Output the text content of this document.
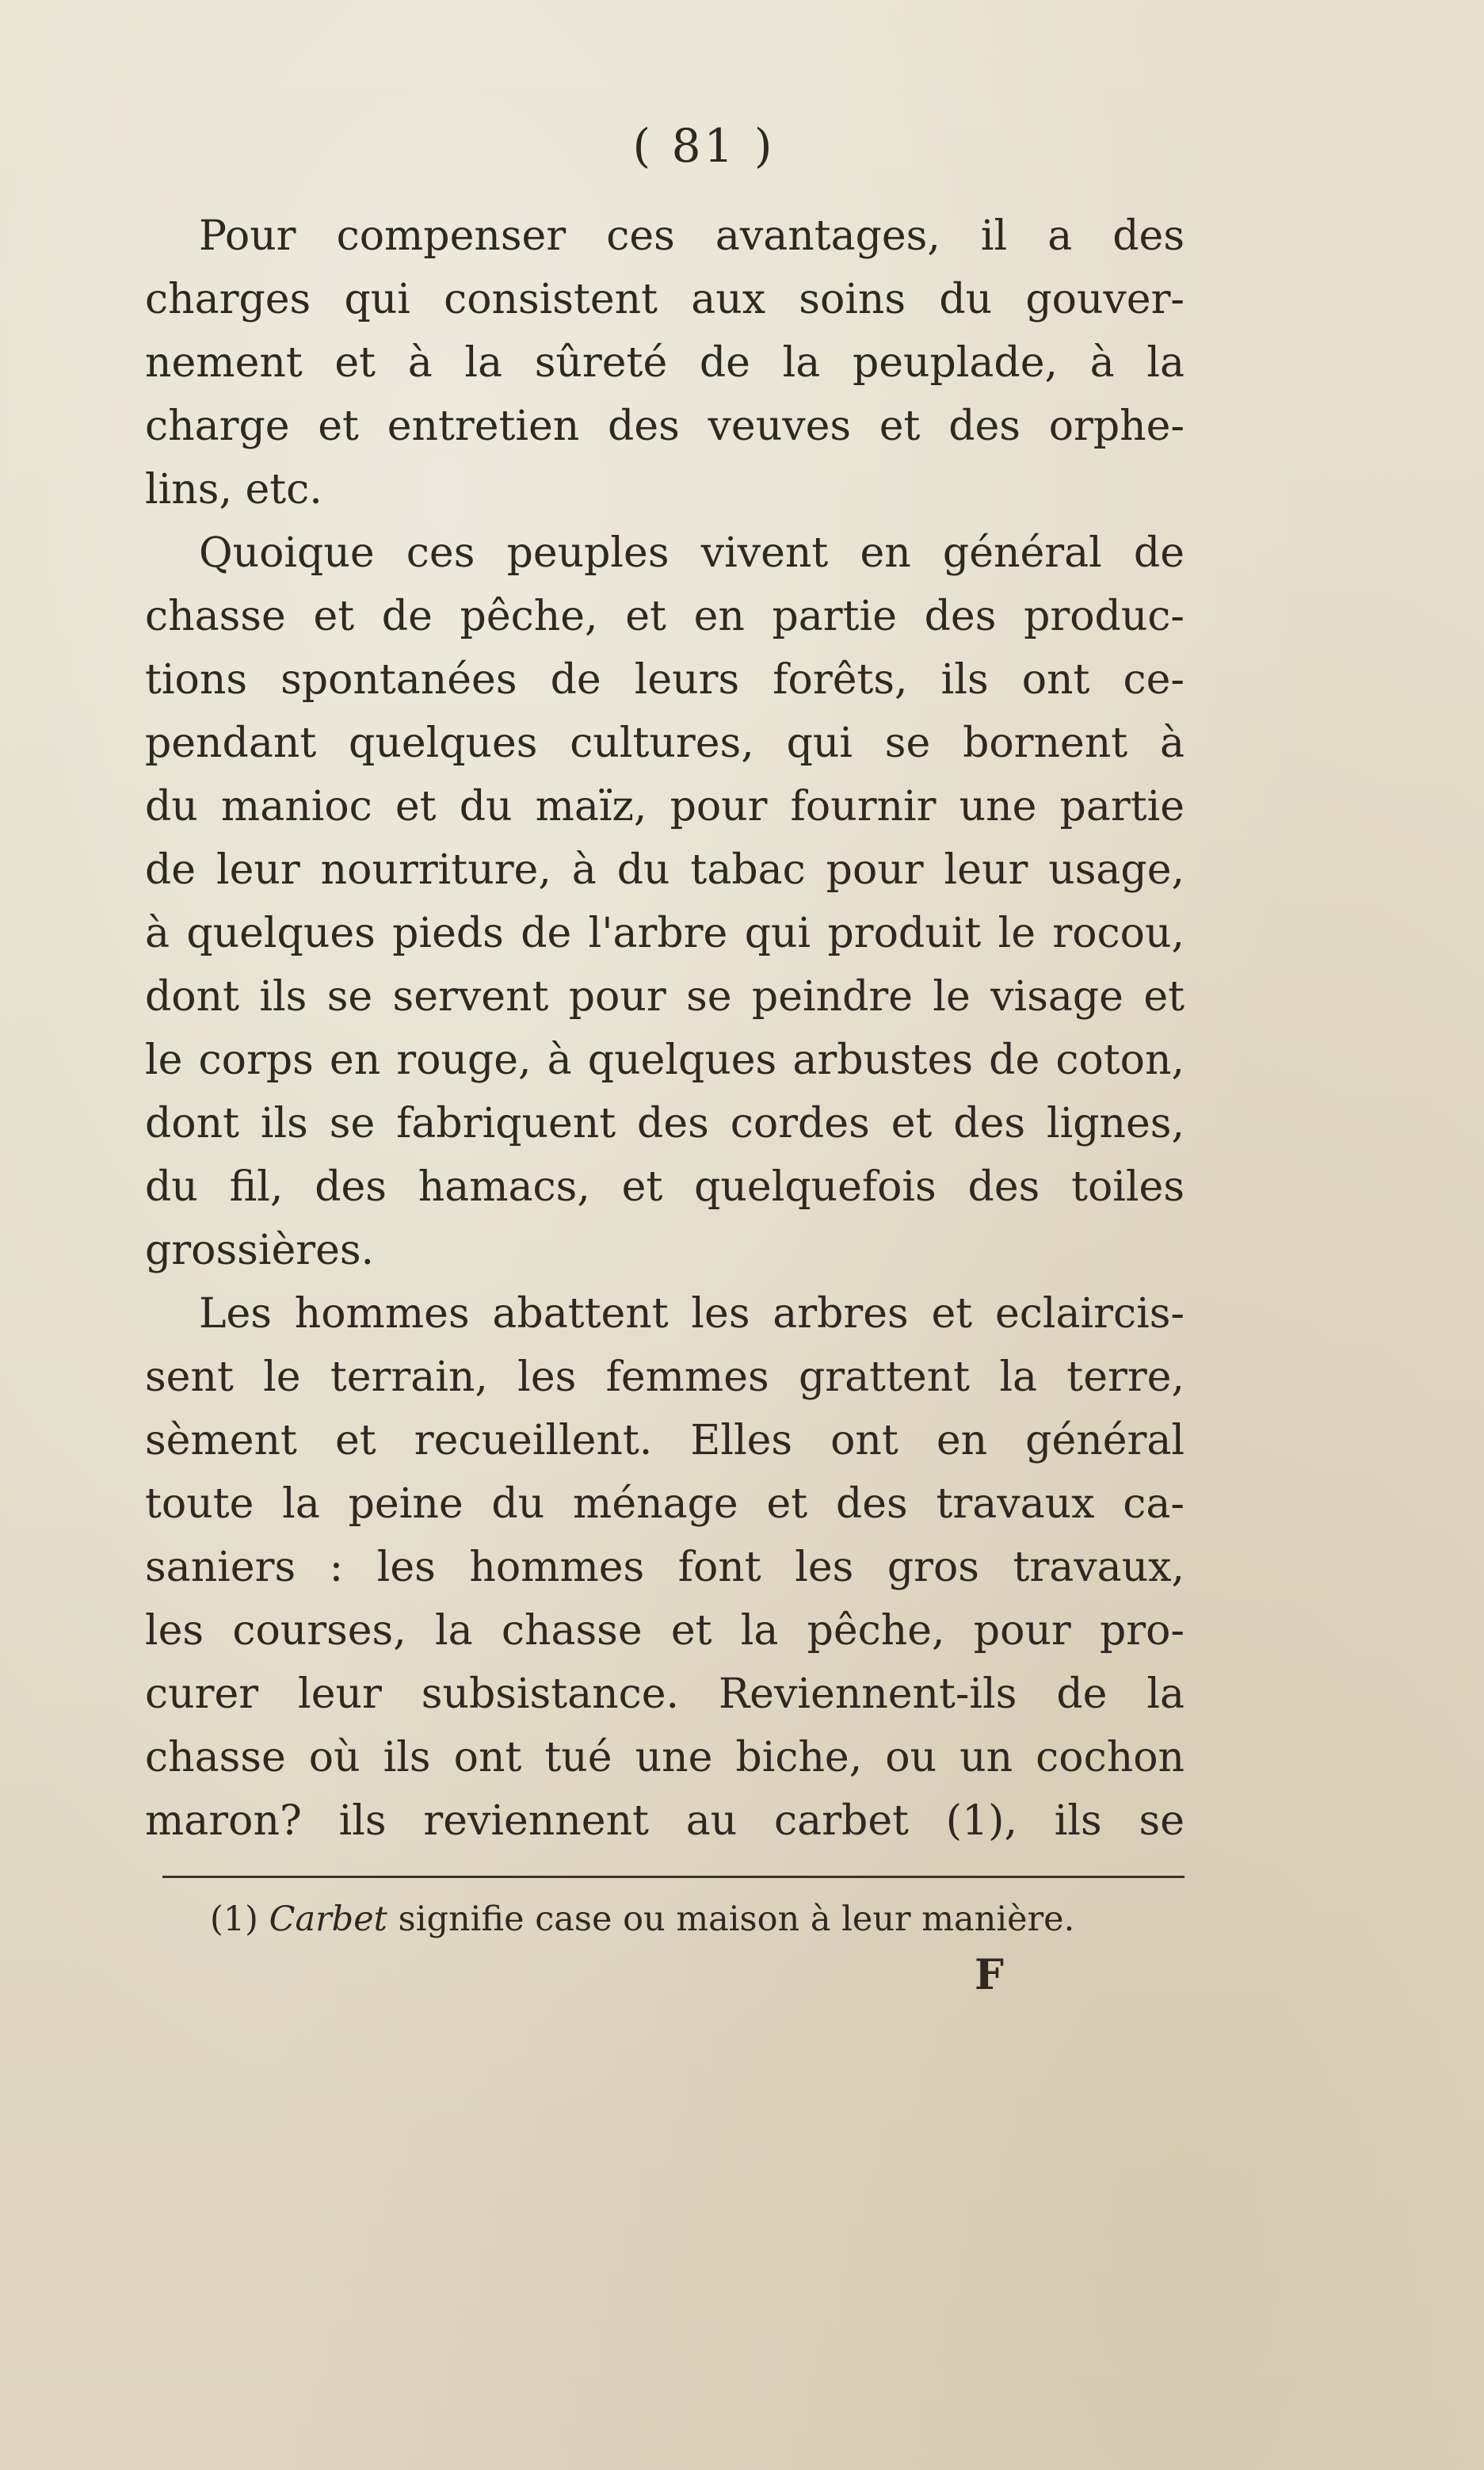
( 81 )
Pour compenser ces avantages, il a des
charges qui consistent aux soins du gouver-
nement et à la sûreté de la peuplade, à la
charge et entretien des veuves et des orphe-
lins, etc.
Quoique ces peuples vivent en général de
chasse et de pêche, et en partie des produc-
tions spontanées de leurs forêts, ils ont ce-
pendant quelques cultures, qui se bornent à
du manioc et du maïz, pour fournir une partie
de leur nourriture, à du tabac pour leur usage,
à quelques pieds de l'arbre qui produit le rocou,
dont ils se servent pour se peindre le visage et
le corps en rouge, à quelques arbustes de coton,
dont ils se fabriquent des cordes et des lignes,
du fil, des hamacs, et quelquefois des toiles
grossières.
Les hommes abattent les arbres et eclaircis-
sent le terrain, les femmes grattent la terre,
sèment et recueillent. Elles ont en général
toute la peine du ménage et des travaux ca-
saniers : les hommes font les gros travaux,
les courses, la chasse et la pêche, pour pro-
curer leur subsistance. Reviennent-ils de la
chasse où ils ont tué une biche, ou un cochon
maron? ils reviennent au carbet (1), ils se
(1) Carbet signifie case ou maison à leur manière.
F
